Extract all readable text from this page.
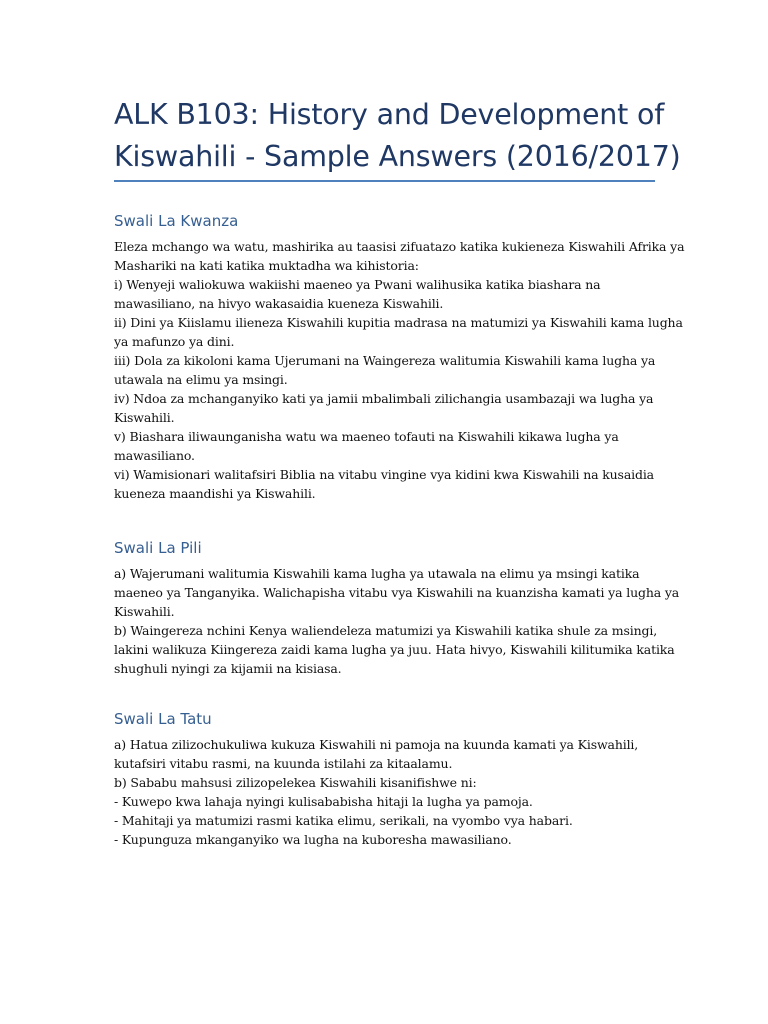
ALK B103: History and Development of
Kiswahili - Sample Answers (2016/2017)
Swali La Kwanza

Eleza mchango wa watu, mashirika au taasisi zifuatazo katika kukieneza Kiswahili Afrika ya
Mashariki na kati katika muktadha wa kihistoria:
i) Wenyeji waliokuwa wakiishi maeneo ya Pwani walihusika katika biashara na
mawasiliano, na hivyo wakasaidia kueneza Kiswahili.
ii) Dini ya Kiislamu ilieneza Kiswahili kupitia madrasa na matumizi ya Kiswahili kama lugha
ya mafunzo ya dini.
iii) Dola za kikoloni kama Ujerumani na Waingereza walitumia Kiswahili kama lugha ya
utawala na elimu ya msingi.
iv) Ndoa za mchanganyiko kati ya jamii mbalimbali zilichangia usambazaji wa lugha ya
Kiswahili.
v) Biashara iliwaunganisha watu wa maeneo tofauti na Kiswahili kikawa lugha ya
mawasiliano.
vi) Wamisionari walitafsiri Biblia na vitabu vingine vya kidini kwa Kiswahili na kusaidia
kueneza maandishi ya Kiswahili.

Swali La Pili

a) Wajerumani walitumia Kiswahili kama lugha ya utawala na elimu ya msingi katika
maeneo ya Tanganyika. Walichapisha vitabu vya Kiswahili na kuanzisha kamati ya lugha ya
Kiswahili.
b) Waingereza nchini Kenya waliendeleza matumizi ya Kiswahili katika shule za msingi,
lakini walikuza Kiingereza zaidi kama lugha ya juu. Hata hivyo, Kiswahili kilitumika katika
shughuli nyingi za kijamii na kisiasa.

Swali La Tatu

a) Hatua zilizochukuliwa kukuza Kiswahili ni pamoja na kuunda kamati ya Kiswahili,
kutafsiri vitabu rasmi, na kuunda istilahi za kitaalamu.
b) Sababu mahsusi zilizopelekea Kiswahili kisanifishwe ni:
- Kuwepo kwa lahaja nyingi kulisababisha hitaji la lugha ya pamoja.
- Mahitaji ya matumizi rasmi katika elimu, serikali, na vyombo vya habari.
- Kupunguza mkanganyiko wa lugha na kuboresha mawasiliano.
